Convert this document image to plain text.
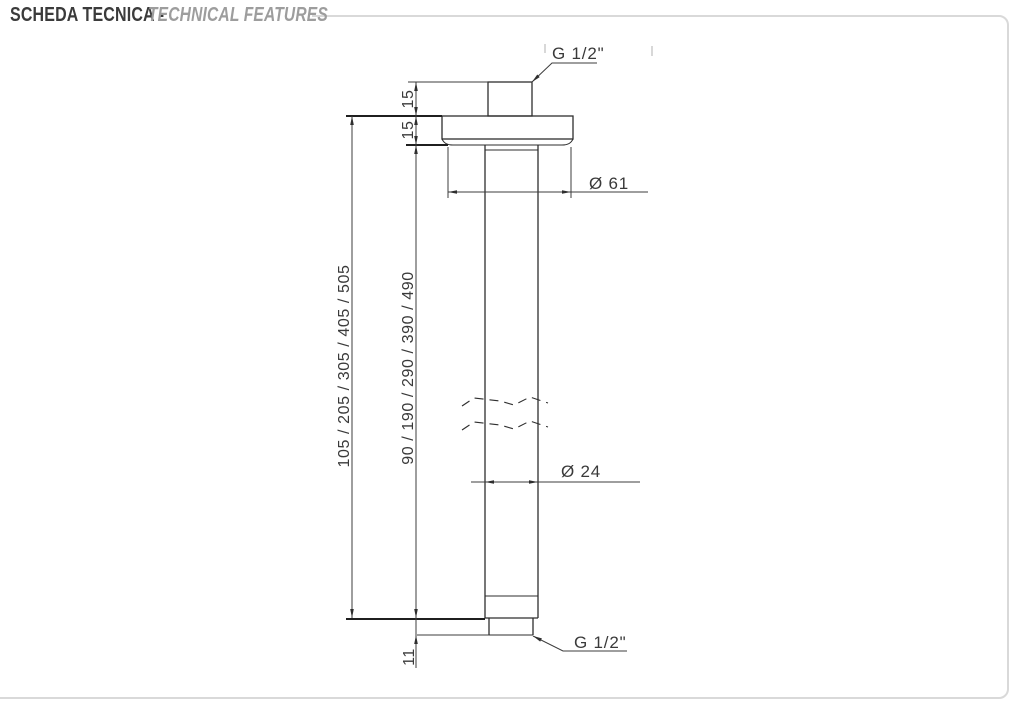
SCHEDA TECNICA -
TECHNICAL FEATURES
G 1/2"
15
15
Ø 61
105 / 205 / 305 / 405 / 505	90 / 190 / 290 / 390 / 490
Ø 24
11
G 1/2"
